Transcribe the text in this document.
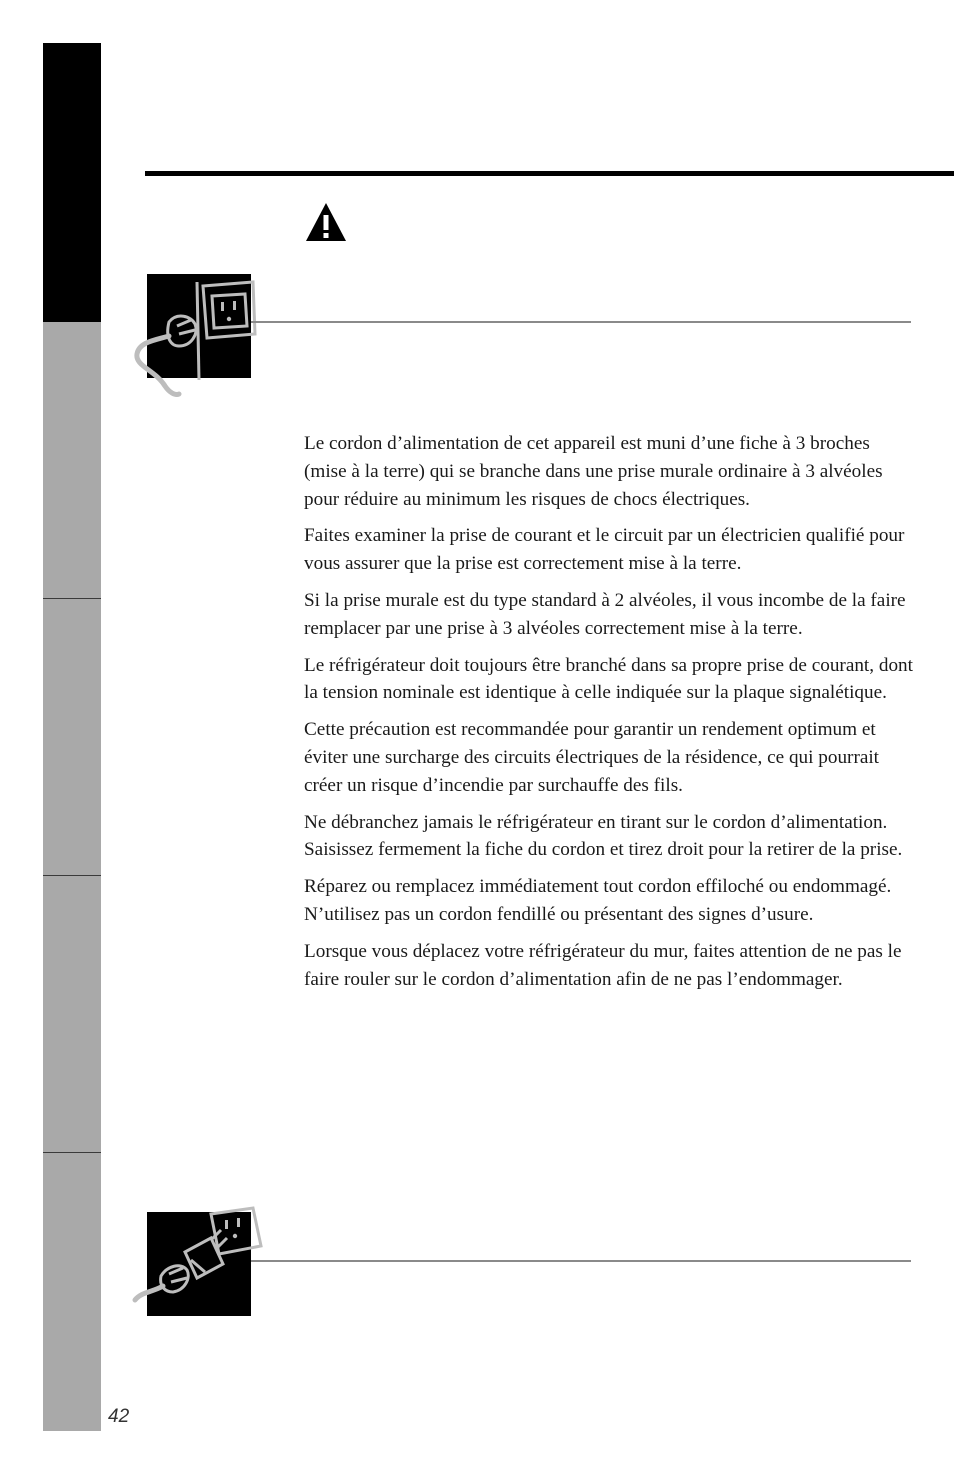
Le cordon d’alimentation de cet appareil est muni d’une fiche à 3 broches (mise à la terre) qui se branche dans une prise murale ordinaire à 3 alvéoles pour réduire au minimum les risques de chocs électriques.

Faites examiner la prise de courant et le circuit par un électricien qualifié pour vous assurer que la prise est correctement mise à la terre.

Si la prise murale est du type standard à 2 alvéoles, il vous incombe de la faire remplacer par une prise à 3 alvéoles correctement mise à la terre.

Le réfrigérateur doit toujours être branché dans sa propre prise de courant, dont la tension nominale est identique à celle indiquée sur la plaque signalétique.

Cette précaution est recommandée pour garantir un rendement optimum et éviter une surcharge des circuits électriques de la résidence, ce qui pourrait créer un risque d’incendie par surchauffe des fils.

Ne débranchez jamais le réfrigérateur en tirant sur le cordon d’alimentation. Saisissez fermement la fiche du cordon et tirez droit pour la retirer de la prise.

Réparez ou remplacez immédiatement tout cordon effiloché ou endommagé. N’utilisez pas un cordon fendillé ou présentant des signes d’usure.

Lorsque vous déplacez votre réfrigérateur du mur, faites attention de ne pas le faire rouler sur le cordon d’alimentation afin de ne pas l’endommager.

42
